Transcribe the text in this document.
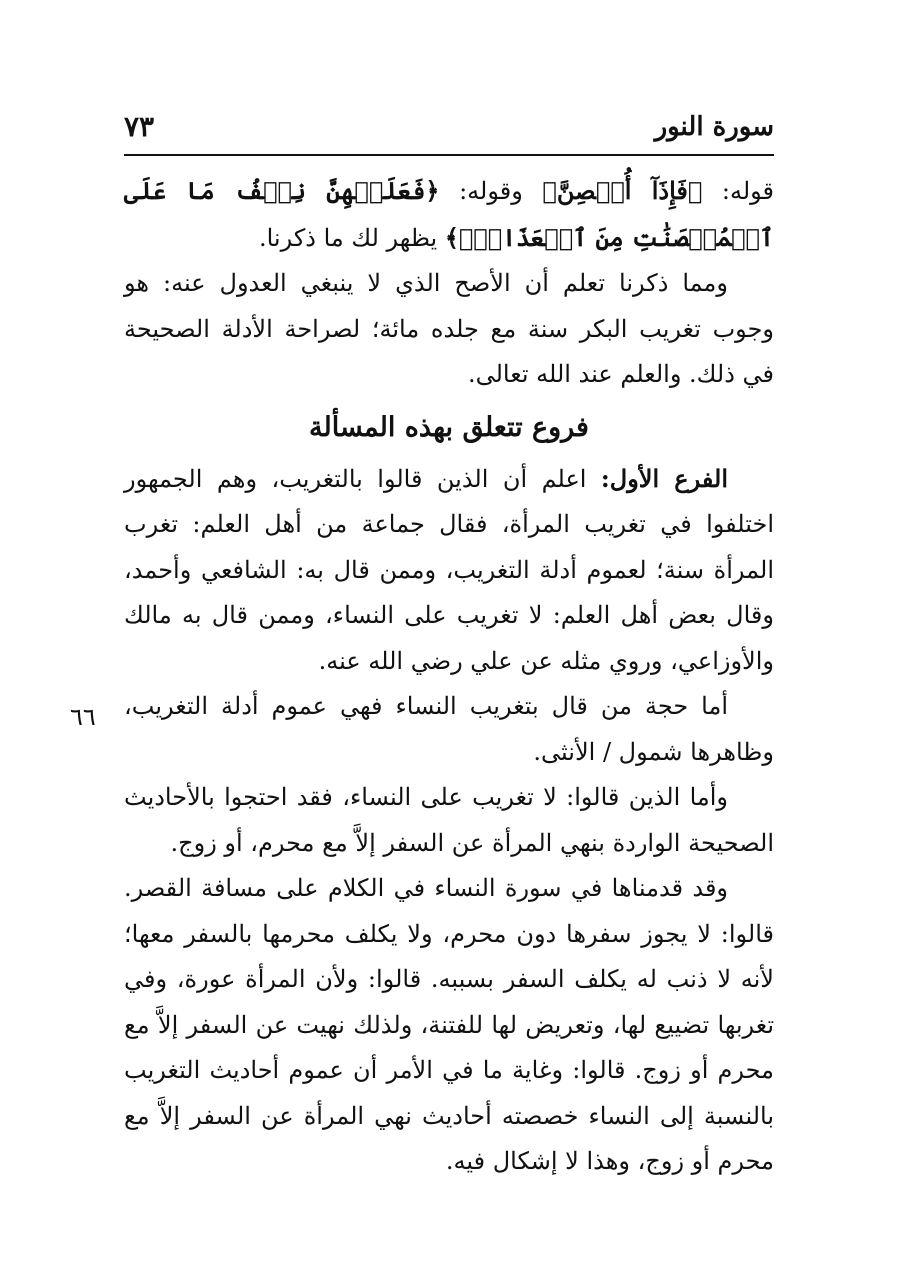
سورة النور
٧٣
٦٦

قوله: ﴿فَإِذَآ أُحۡصِنَّ﴾ وقوله: ﴿فَعَلَيۡهِنَّ نِصۡفُ مَا عَلَى ٱلۡمُحۡصَنَٰتِ مِنَ ٱلۡعَذَابِۚ﴾ يظهر لك ما ذكرنا.

ومما ذكرنا تعلم أن الأصح الذي لا ينبغي العدول عنه: هو وجوب تغريب البكر سنة مع جلده مائة؛ لصراحة الأدلة الصحيحة في ذلك. والعلم عند الله تعالى.

فروع تتعلق بهذه المسألة

الفرع الأول: اعلم أن الذين قالوا بالتغريب، وهم الجمهور اختلفوا في تغريب المرأة، فقال جماعة من أهل العلم: تغرب المرأة سنة؛ لعموم أدلة التغريب، وممن قال به: الشافعي وأحمد، وقال بعض أهل العلم: لا تغريب على النساء، وممن قال به مالك والأوزاعي، وروي مثله عن علي رضي الله عنه.

أما حجة من قال بتغريب النساء فهي عموم أدلة التغريب، وظاهرها شمول / الأنثى.

وأما الذين قالوا: لا تغريب على النساء، فقد احتجوا بالأحاديث الصحيحة الواردة بنهي المرأة عن السفر إلاَّ مع محرم، أو زوج.

وقد قدمناها في سورة النساء في الكلام على مسافة القصر. قالوا: لا يجوز سفرها دون محرم، ولا يكلف محرمها بالسفر معها؛ لأنه لا ذنب له يكلف السفر بسببه. قالوا: ولأن المرأة عورة، وفي تغربها تضييع لها، وتعريض لها للفتنة، ولذلك نهيت عن السفر إلاَّ مع محرم أو زوج. قالوا: وغاية ما في الأمر أن عموم أحاديث التغريب بالنسبة إلى النساء خصصته أحاديث نهي المرأة عن السفر إلاَّ مع محرم أو زوج، وهذا لا إشكال فيه.
